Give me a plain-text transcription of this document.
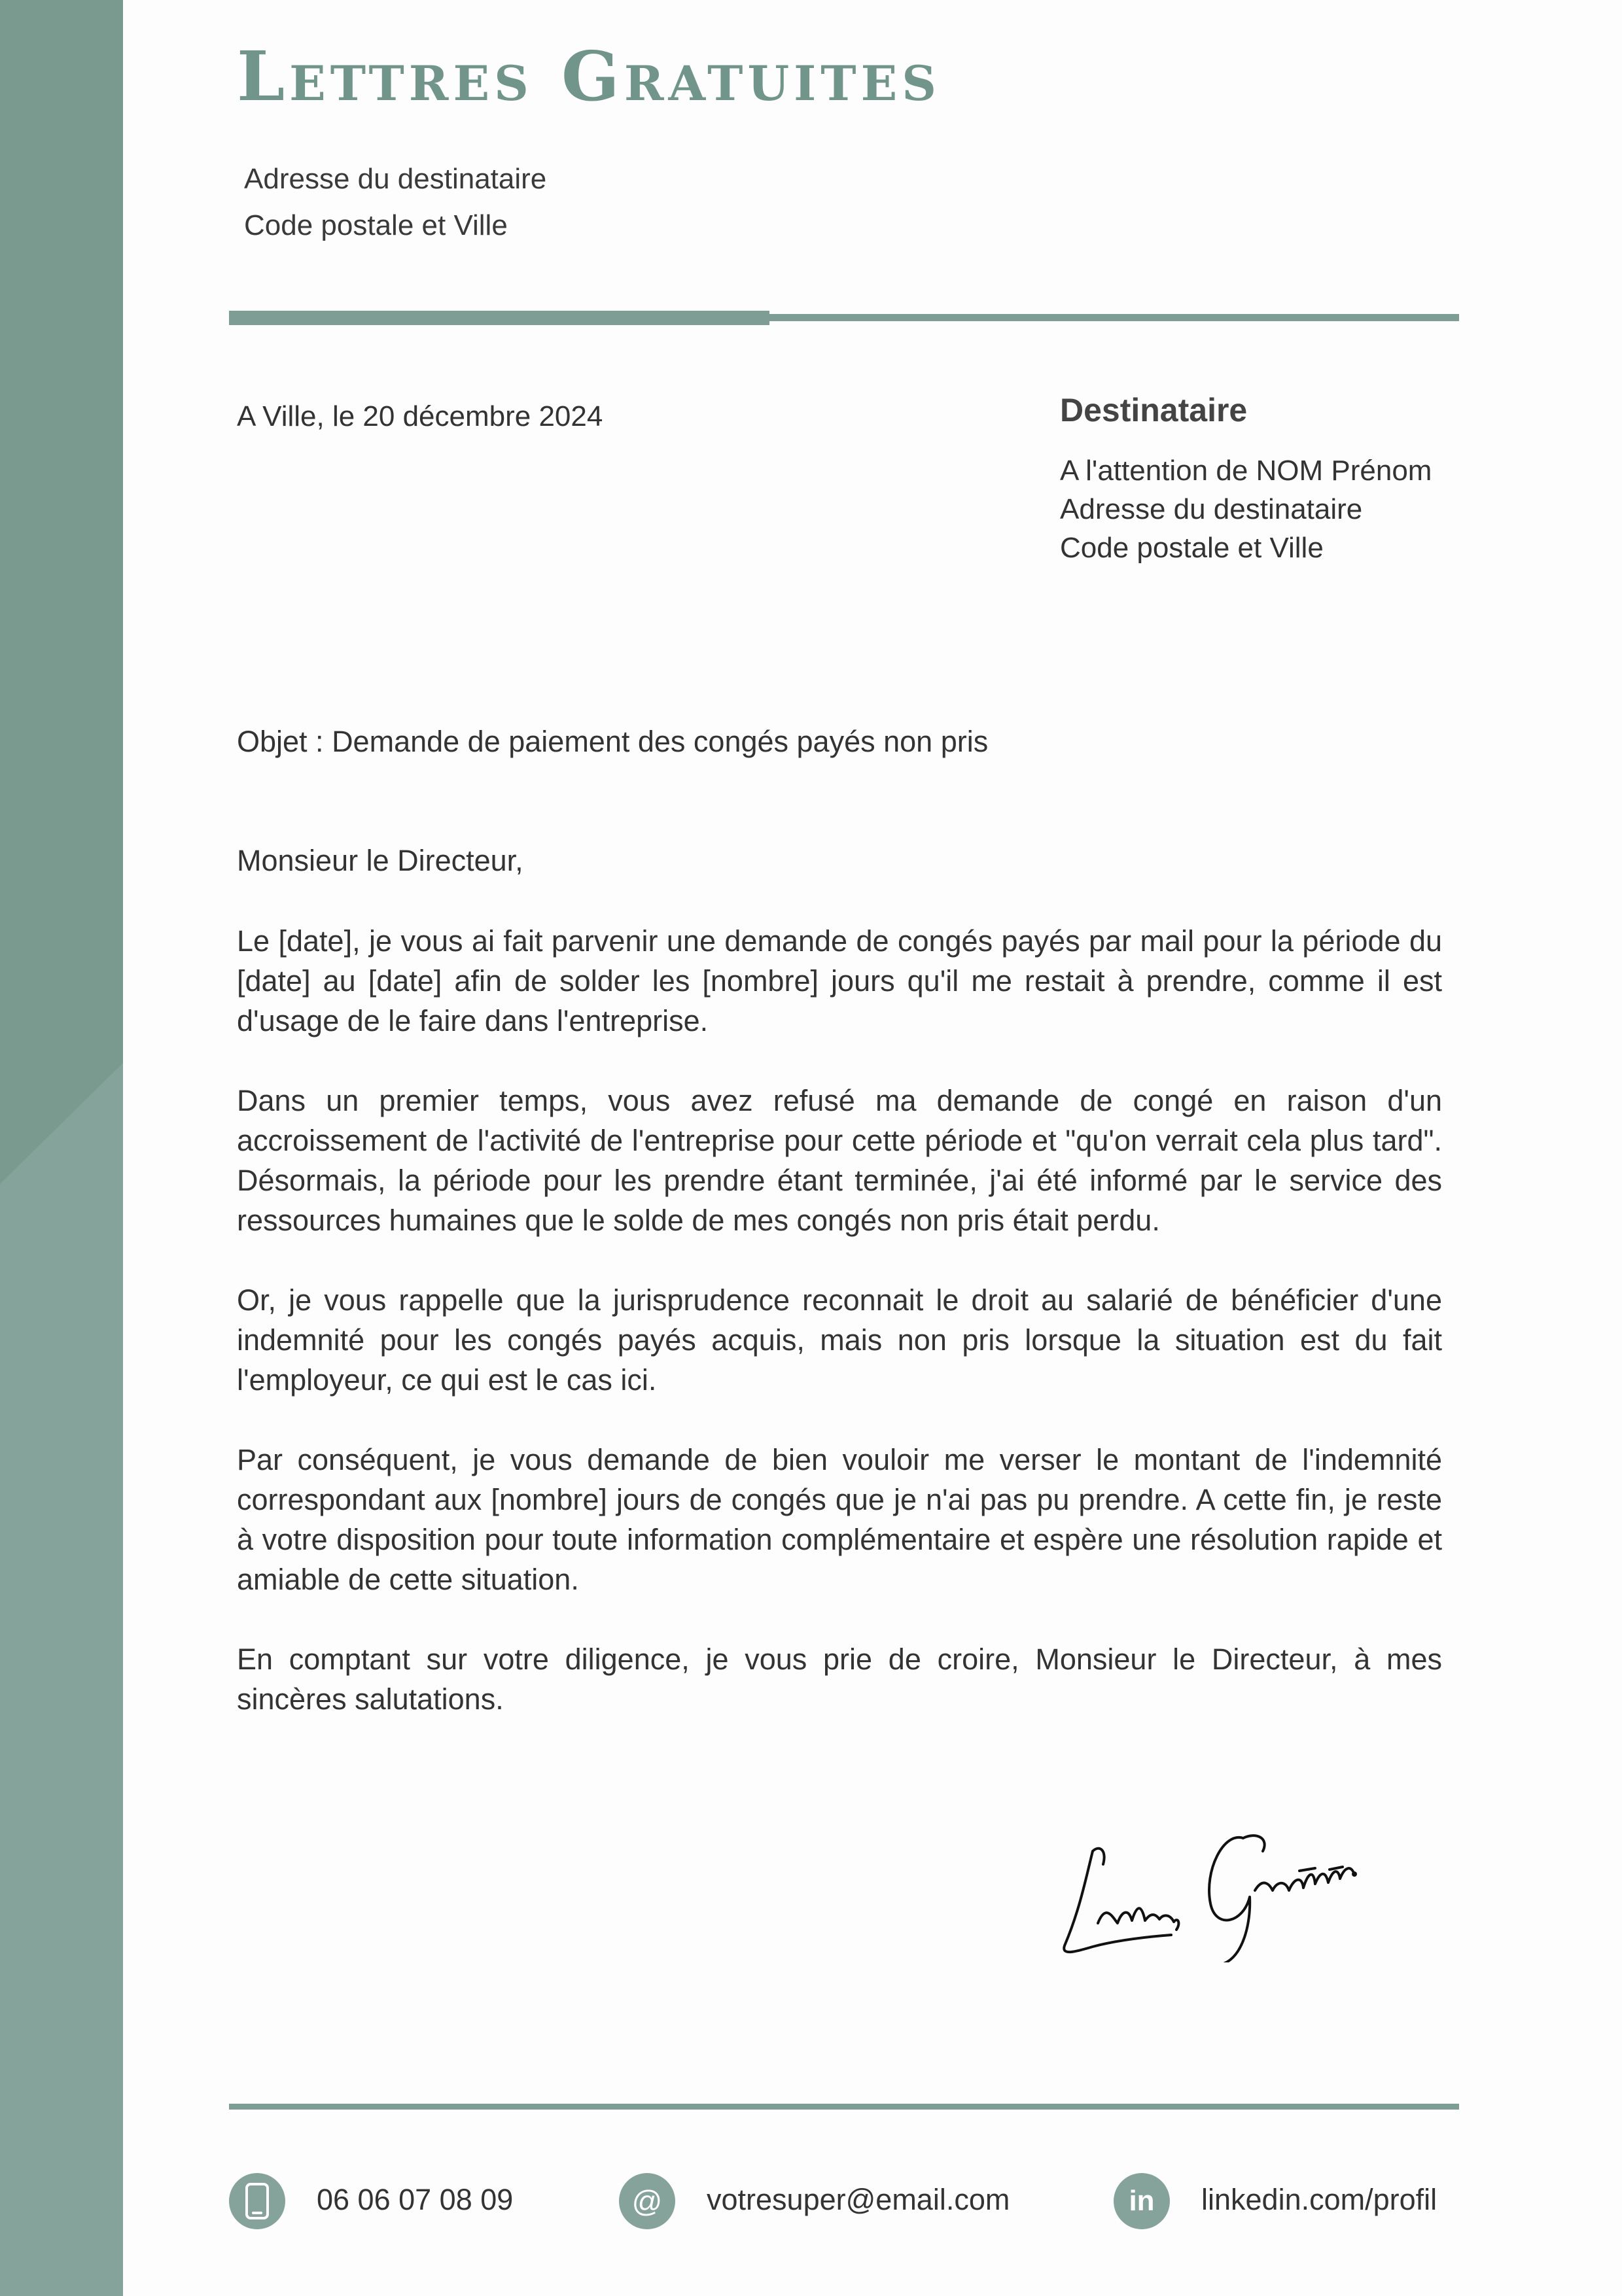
Lettres Gratuites
Adresse du destinataire
Code postale et Ville
A Ville, le 20 décembre 2024	Destinataire
A l'attention de NOM Prénom
Adresse du destinataire
Code postale et Ville
Objet : Demande de paiement des congés payés non pris
Monsieur le Directeur,

Le [date], je vous ai fait parvenir une demande de congés payés par mail pour la période du [date] au [date] afin de solder les [nombre] jours qu'il me restait à prendre, comme il est d'usage de le faire dans l'entreprise.

Dans un premier temps, vous avez refusé ma demande de congé en raison d'un accroissement de l'activité de l'entreprise pour cette période et "qu'on verrait cela plus tard". Désormais, la période pour les prendre étant terminée, j'ai été informé par le service des ressources humaines que le solde de mes congés non pris était perdu.

Or, je vous rappelle que la jurisprudence reconnait le droit au salarié de bénéficier d'une indemnité pour les congés payés acquis, mais non pris lorsque la situation est du fait l'employeur, ce qui est le cas ici.

Par conséquent, je vous demande de bien vouloir me verser le montant de l'indemnité correspondant aux [nombre] jours de congés que je n'ai pas pu prendre. A cette fin, je reste à votre disposition pour toute information complémentaire et espère une résolution rapide et amiable de cette situation.

En comptant sur votre diligence, je vous prie de croire, Monsieur le Directeur, à mes sincères salutations.

06 06 07 08 09	@	votresuper@email.com	in	linkedin.com/profil
